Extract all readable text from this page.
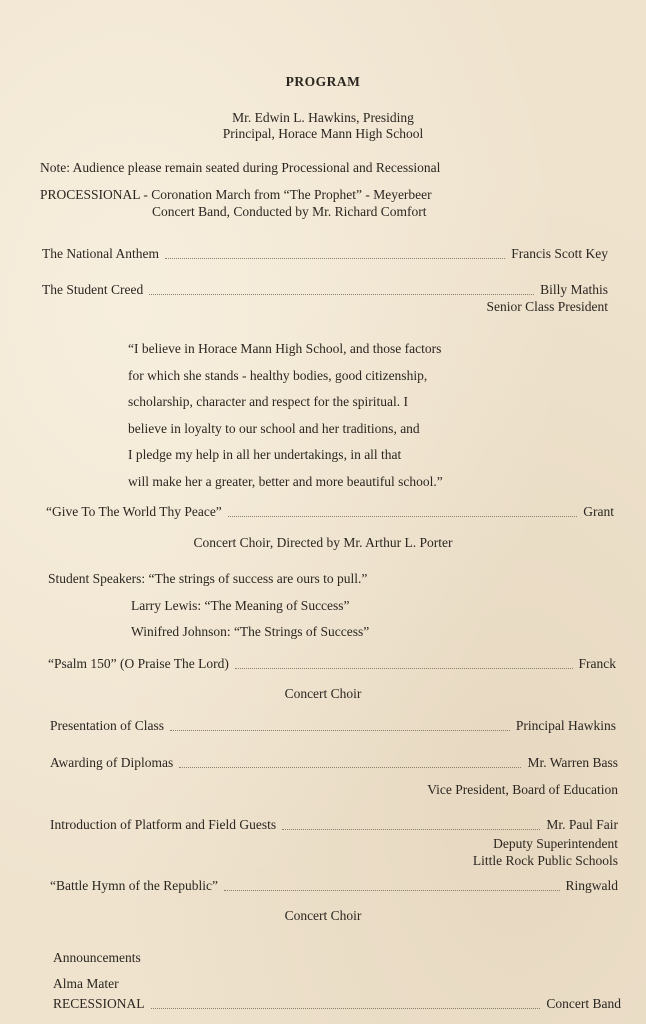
PROGRAM
Mr. Edwin L. Hawkins, Presiding
Principal, Horace Mann High School
Note: Audience please remain seated during Processional and Recessional
PROCESSIONAL - Coronation March from “The Prophet” - Meyerbeer
Concert Band, Conducted by Mr. Richard Comfort
The National Anthem	Francis Scott Key
The Student Creed	Billy Mathis
Senior Class President
“I believe in Horace Mann High School, and those factors
for which she stands - healthy bodies, good citizenship,
scholarship, character and respect for the spiritual. I
believe in loyalty to our school and her traditions, and
I pledge my help in all her undertakings, in all that
will make her a greater, better and more beautiful school.”
“Give To The World Thy Peace”	Grant
Concert Choir, Directed by Mr. Arthur L. Porter
Student Speakers: “The strings of success are ours to pull.”
Larry Lewis: “The Meaning of Success”
Winifred Johnson: “The Strings of Success”
“Psalm 150” (O Praise The Lord)	Franck
Concert Choir
Presentation of Class	Principal Hawkins
Awarding of Diplomas	Mr. Warren Bass
Vice President, Board of Education
Introduction of Platform and Field Guests	Mr. Paul Fair
Deputy Superintendent
Little Rock Public Schools
“Battle Hymn of the Republic”	Ringwald
Concert Choir
Announcements
Alma Mater
RECESSIONAL	Concert Band
